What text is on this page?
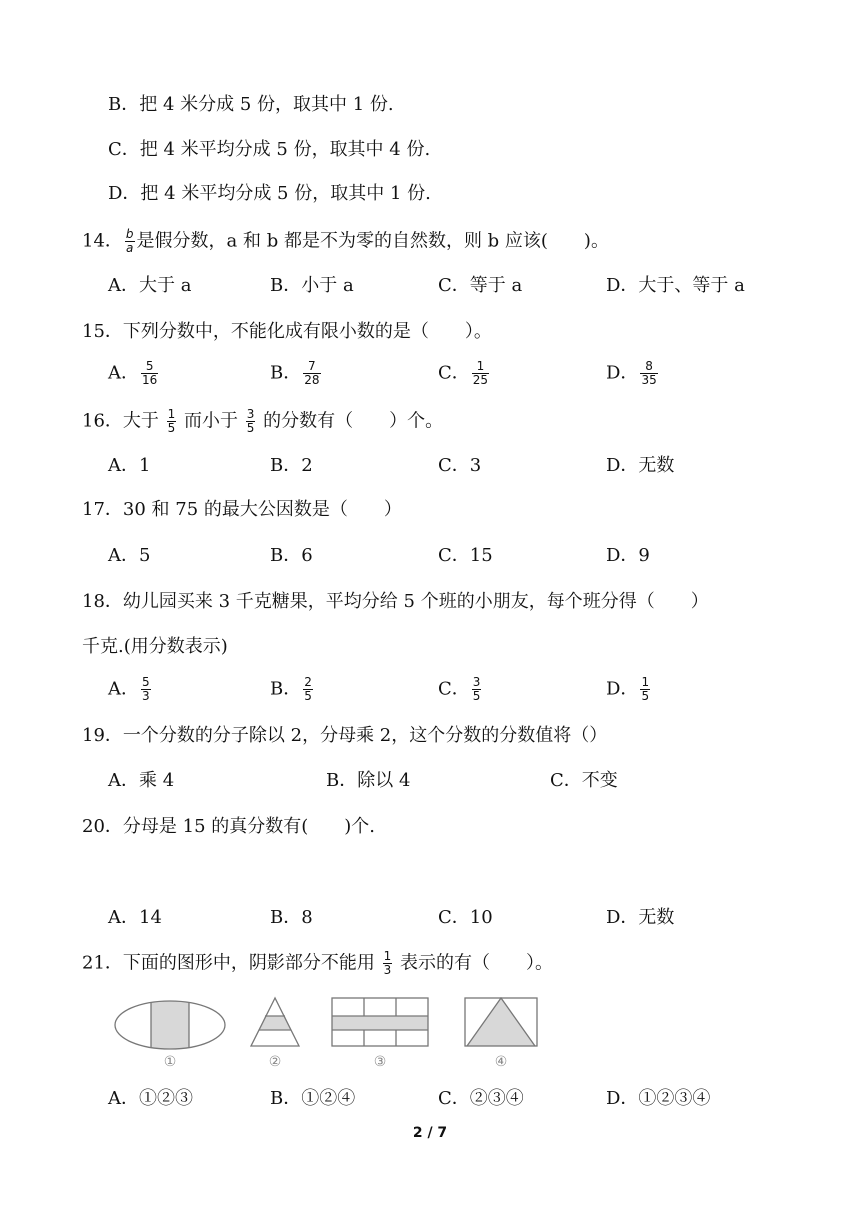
B．把 4 米分成 5 份，取其中 1 份.
C．把 4 米平均分成 5 份，取其中 4 份.
D．把 4 米平均分成 5 份，取其中 1 份.
14． $\frac{b}{a}$ 是假分数，a 和 b 都是不为零的自然数，则 b 应该(　　)。
A．大于 a	B．小于 a	C．等于 a	D．大于、等于 a
15．下列分数中，不能化成有限小数的是（　　）。
A． $\frac{5}{16}$	B． $\frac{7}{28}$	C． $\frac{1}{25}$	D． $\frac{8}{35}$
16．大于 $\frac{1}{5}$ 而小于 $\frac{3}{5}$ 的分数有（　　）个。
A．1	B．2	C．3	D．无数
17．30 和 75 的最大公因数是（　　）
A．5	B．6	C．15	D．9
18．幼儿园买来 3 千克糖果，平均分给 5 个班的小朋友，每个班分得（　　）
千克.(用分数表示)
A． $\frac{5}{3}$	B． $\frac{2}{5}$	C． $\frac{3}{5}$	D． $\frac{1}{5}$
19．一个分数的分子除以 2，分母乘 2，这个分数的分数值将（）
A．乘 4	B．除以 4	C．不变
20．分母是 15 的真分数有(　　)个.
A．14	B．8	C．10	D．无数
21．下面的图形中，阴影部分不能用 $\frac{1}{3}$ 表示的有（　　）。
①	②	③	④
A．①②③	B．①②④	C．②③④	D．①②③④
2 / 7
